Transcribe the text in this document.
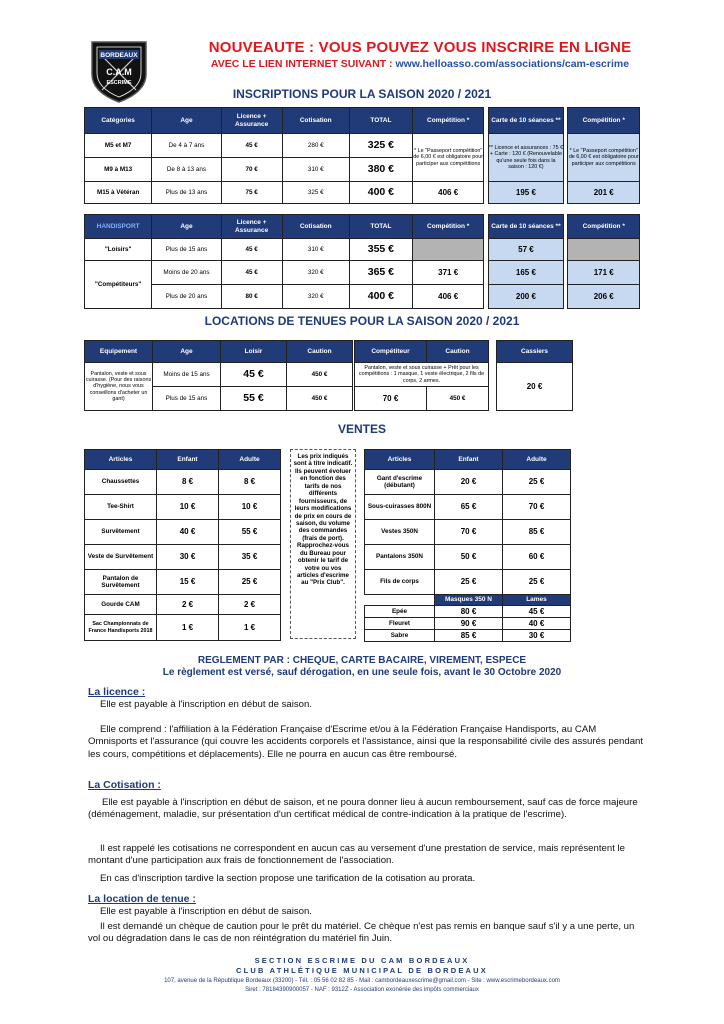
BORDEAUX
C.A.M
ESCRIME
NOUVEAUTE : VOUS POUVEZ VOUS INSCRIRE EN LIGNE
AVEC LE LIEN INTERNET SUIVANT : www.helloasso.com/associations/cam-escrime
INSCRIPTIONS POUR LA SAISON 2020 / 2021
Catégories	Age	Licence + Assurance	Cotisation	TOTAL	Compétition *		Carte de 10 séances **		Compétition *
M5 et M7	De 4 à 7 ans	45 €	280 €	325 €	* Le "Passeport compétition" de 6,00 € est obligatoire pour participer aux compétitions		** Licence et assurances : 75 € + Carte : 120 € (Renouvelable qu'une seule fois dans la saison : 120 €)		* Le "Passeport compétition" de 6,00 € est obligatoire pour participer aux compétitions
M9 à M13	De 8 à 13 ans	70 €	310 €	380 €					
M15 à Vétéran	Plus de 13 ans	75 €	325 €	400 €	406 €		195 €		201 €
HANDISPORT	Age	Licence + Assurance	Cotisation	TOTAL	Compétition *		Carte de 10 séances **		Compétition *
"Loisirs"	Plus de 15 ans	45 €	310 €	355 €			57 €		
"Compétiteurs"	Moins de 20 ans	45 €	320 €	365 €	371 €		165 €		171 €
	Plus de 20 ans	80 €	320 €	400 €	406 €		200 €		206 €
LOCATIONS DE TENUES POUR LA SAISON 2020 / 2021
Equipement	Age	Loisir	Caution		Compétiteur	Caution		Cassiers
Pantalon, veste et sous cuirasse. (Pour des raisons d'hygiène, nous vous conseillons d'acheter un gant)	Moins de 15 ans	45 €	450 €		Pantalon, veste et sous cuirasse + Prêt pour les compétitions : 1 masque, 1 veste électrique, 2 fils de corps, 2 armes.			20 €
	Plus de 15 ans	55 €	450 €		70 €	450 €		
VENTES
Articles	Enfant	Adulte
Chaussettes	8 €	8 €
Tee-Shirt	10 €	10 €
Survêtement	40 €	55 €
Veste de Survêtement	30 €	35 €
Pantalon de Survêtement	15 €	25 €
Gourde CAM	2 €	2 €
Sac Championnats de France Handisports 2018	1 €	1 €
Les prix indiqués sont à titre indicatif. Ils peuvent évoluer en fonction des tarifs de nos différents fournisseurs, de leurs modifications de prix en cours de saison, du volume des commandes (frais de port). Rapprochez-vous du Bureau pour obtenir le tarif de votre ou vos articles d'escrime au "Prix Club".
Articles	Enfant	Adulte
Gant d'escrime (débutant)	20 €	25 €
Sous-cuirasses 800N	65 €	70 €
Vestes 350N	70 €	85 €
Pantalons 350N	50 €	60 €
Fils de corps	25 €	25 €
	Masques 350 N	Lames
Epée	80 €	45 €
Fleuret	90 €	40 €
Sabre	85 €	30 €
REGLEMENT PAR : CHEQUE, CARTE BACAIRE, VIREMENT, ESPECE
Le règlement est versé, sauf dérogation, en une seule fois, avant le 30 Octobre 2020
La licence :
Elle est payable à l'inscription en début de saison.
Elle comprend : l'affiliation à la Fédération Française d'Escrime et/ou à la Fédération Française Handisports, au CAM Omnisports et l'assurance (qui couvre les accidents corporels et l'assistance, ainsi que la responsabilité civile des assurés pendant les cours, compétitions et déplacements). Elle ne pourra en aucun cas être remboursé.
La Cotisation :
Elle est payable à l'inscription en début de saison, et ne poura donner lieu à aucun remboursement, sauf cas de force majeure (déménagement, maladie, sur présentation d'un certificat médical de contre-indication à la pratique de l'escrime).
Il est rappelé les cotisations ne correspondent en aucun cas au versement d'une prestation de service, mais représentent le montant d'une participation aux frais de fonctionnement de l'association.
En cas d'inscription tardive la section propose une tarification de la cotisation au prorata.
La location de tenue :
Elle est payable à l'inscription en début de saison.
Il est demandé un chèque de caution pour le prêt du matériel. Ce chèque n'est pas remis en banque sauf s'il y a une perte, un vol ou dégradation dans le cas de non réintégration du matériel fin Juin.
SECTION ESCRIME DU CAM BORDEAUX
CLUB ATHLÉTIQUE MUNICIPAL DE BORDEAUX
107, avenue de la République Bordeaux (33200) - Tél. : 05 56 02 82 85 - Mail : cambordeauxescrime@gmail.com - Site : www.escrimebordeaux.com
Siret : 78184390900057 - NAF : 9312Z - Association exonérée des impôts commerciaux
